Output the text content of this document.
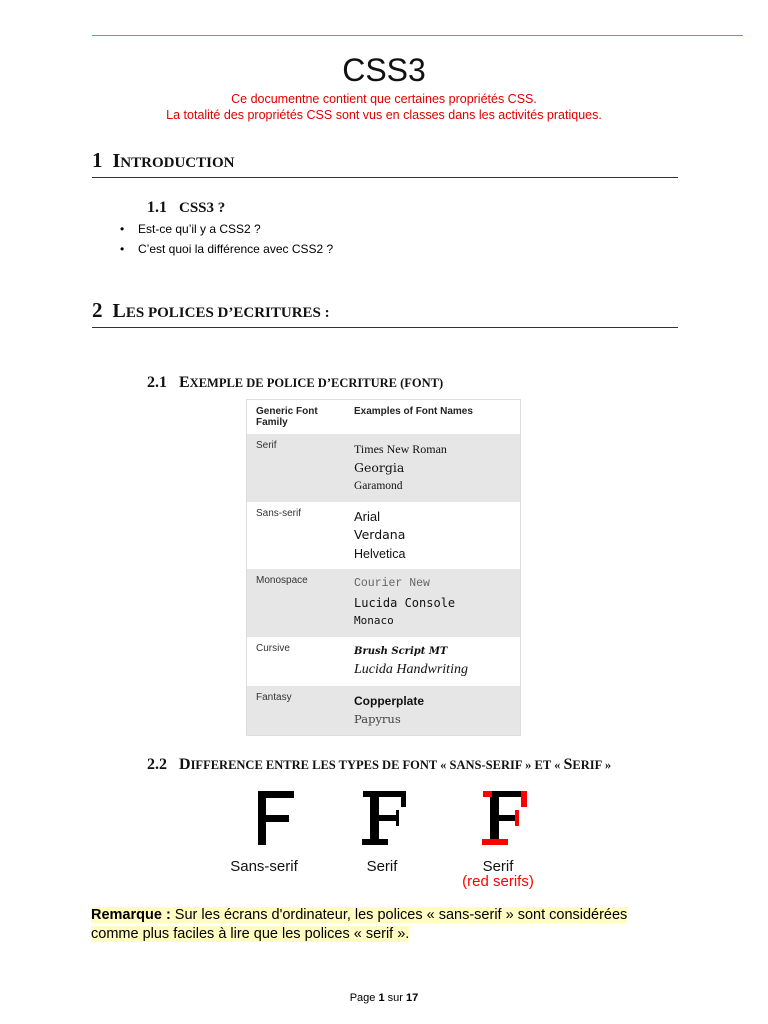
CSS3
Ce documentne contient que certaines propriétés CSS.
La totalité des propriétés CSS sont vus en classes dans les activités pratiques.
1 INTRODUCTION
1.1 CSS3 ?
• Est-ce qu’il y a CSS2 ?
• C’est quoi la différence avec CSS2 ?
2 LES POLICES D’ECRITURES :
2.1 EXEMPLE DE POLICE D’ECRITURE (FONT)
Generic Font Family	Examples of Font Names
Serif	Times New Roman
Georgia
Garamond

Sans-serif	Arial
Verdana
Helvetica

Monospace	Courier New
Lucida Console
Monaco

Cursive	Brush Script MT
Lucida Handwriting

Fantasy	Copperplate
Papyrus
2.2 DIFFERENCE ENTRE LES TYPES DE FONT « SANS-SERIF » ET « SERIF »
Sans-serif	Serif	Serif
(red serifs)
Remarque : Sur les écrans d'ordinateur, les polices « sans-serif » sont considérées comme plus faciles à lire que les polices « serif ».
Page 1 sur 17
